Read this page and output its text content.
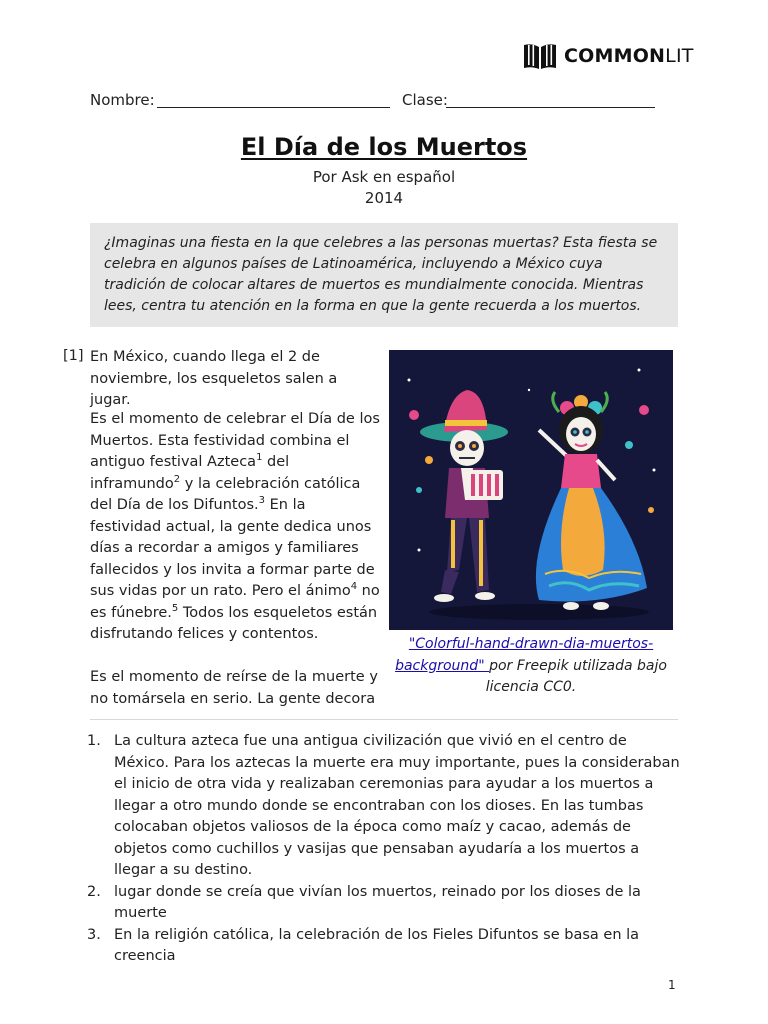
COMMONLIT
Nombre:	Clase:
El Día de los Muertos
Por Ask en español
2014

¿Imaginas una fiesta en la que celebres a las personas muertas? Esta fiesta se celebra en algunos países de Latinoamérica, incluyendo a México cuya tradición de colocar altares de muertos es mundialmente conocida. Mientras lees, centra tu atención en la forma en que la gente recuerda a los muertos.

[1] En México, cuando llega el 2 de noviembre, los esqueletos salen a jugar.

Es el momento de celebrar el Día de los Muertos. Esta festividad combina el antiguo festival Azteca$^1$ del inframundo$^2$ y la celebración católica del Día de los Difuntos.$^3$ En la festividad actual, la gente dedica unos días a recordar a amigos y familiares fallecidos y los invita a formar parte de sus vidas por un rato. Pero el ánimo$^4$ no es fúnebre.$^5$ Todos los esqueletos están disfrutando felices y contentos.

Es el momento de reírse de la muerte y no tomársela en serio. La gente decora

"Colorful-hand-drawn-dia-muertos-background" por Freepik utilizada bajo licencia CC0.
1. La cultura azteca fue una antigua civilización que vivió en el centro de México. Para los aztecas la muerte era muy importante, pues la consideraban el inicio de otra vida y realizaban ceremonias para ayudar a los muertos a llegar a otro mundo donde se encontraban con los dioses. En las tumbas colocaban objetos valiosos de la época como maíz y cacao, además de objetos como cuchillos y vasijas que pensaban ayudaría a los muertos a llegar a su destino.
2. lugar donde se creía que vivían los muertos, reinado por los dioses de la muerte
3. En la religión católica, la celebración de los Fieles Difuntos se basa en la creencia
1
